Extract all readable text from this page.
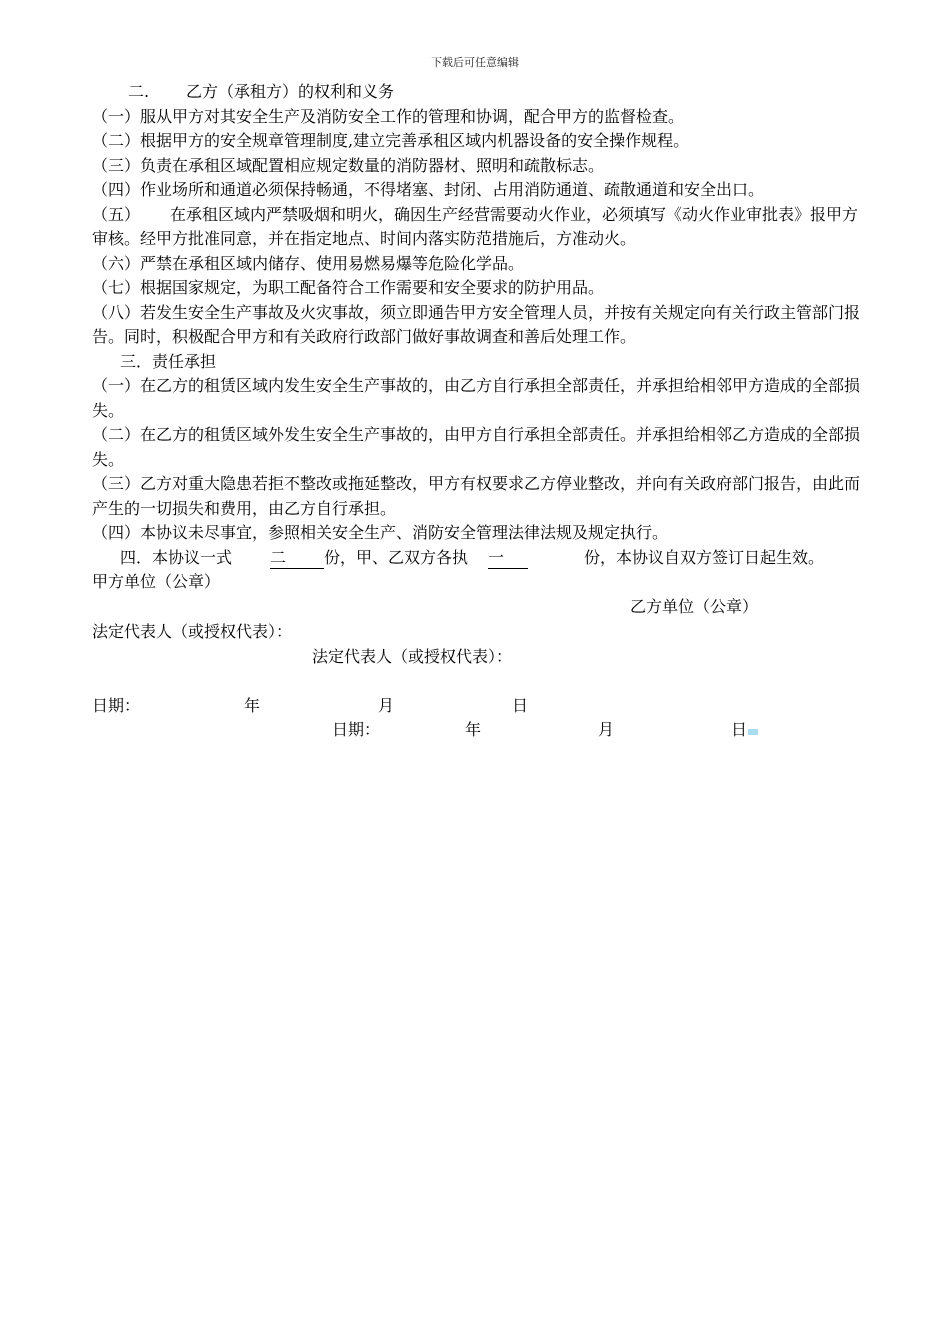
下载后可任意编辑

二. 乙方（承租方）的权利和义务

（一）服从甲方对其安全生产及消防安全工作的管理和协调，配合甲方的监督检查。

（二）根据甲方的安全规章管理制度,建立完善承租区域内机器设备的安全操作规程。

（三）负责在承租区域配置相应规定数量的消防器材、照明和疏散标志。

（四）作业场所和通道必须保持畅通，不得堵塞、封闭、占用消防通道、疏散通道和安全出口。

（五） 在承租区域内严禁吸烟和明火，确因生产经营需要动火作业，必须填写《动火作业审批表》报甲方审核。经甲方批准同意，并在指定地点、时间内落实防范措施后，方准动火。

（六）严禁在承租区域内储存、使用易燃易爆等危险化学品。

（七）根据国家规定，为职工配备符合工作需要和安全要求的防护用品。

（八）若发生安全生产事故及火灾事故，须立即通告甲方安全管理人员，并按有关规定向有关行政主管部门报告。同时，积极配合甲方和有关政府行政部门做好事故调查和善后处理工作。

三．责任承担

（一）在乙方的租赁区域内发生安全生产事故的，由乙方自行承担全部责任，并承担给相邻甲方造成的全部损失。

（二）在乙方的租赁区域外发生安全生产事故的，由甲方自行承担全部责任。并承担给相邻乙方造成的全部损失。

（三）乙方对重大隐患若拒不整改或拖延整改，甲方有权要求乙方停业整改，并向有关政府部门报告，由此而产生的一切损失和费用，由乙方自行承担。

（四）本协议未尽事宜，参照相关安全生产、消防安全管理法律法规及规定执行。

四．本协议一式 二 份，甲、乙双方各执 一	份，本协议自双方签订日起生效。

甲方单位（公章）
乙方单位（公章）
法定代表人（或授权代表）：
法定代表人（或授权代表）：
日期：	年	月	日
日期：	年	月	日
